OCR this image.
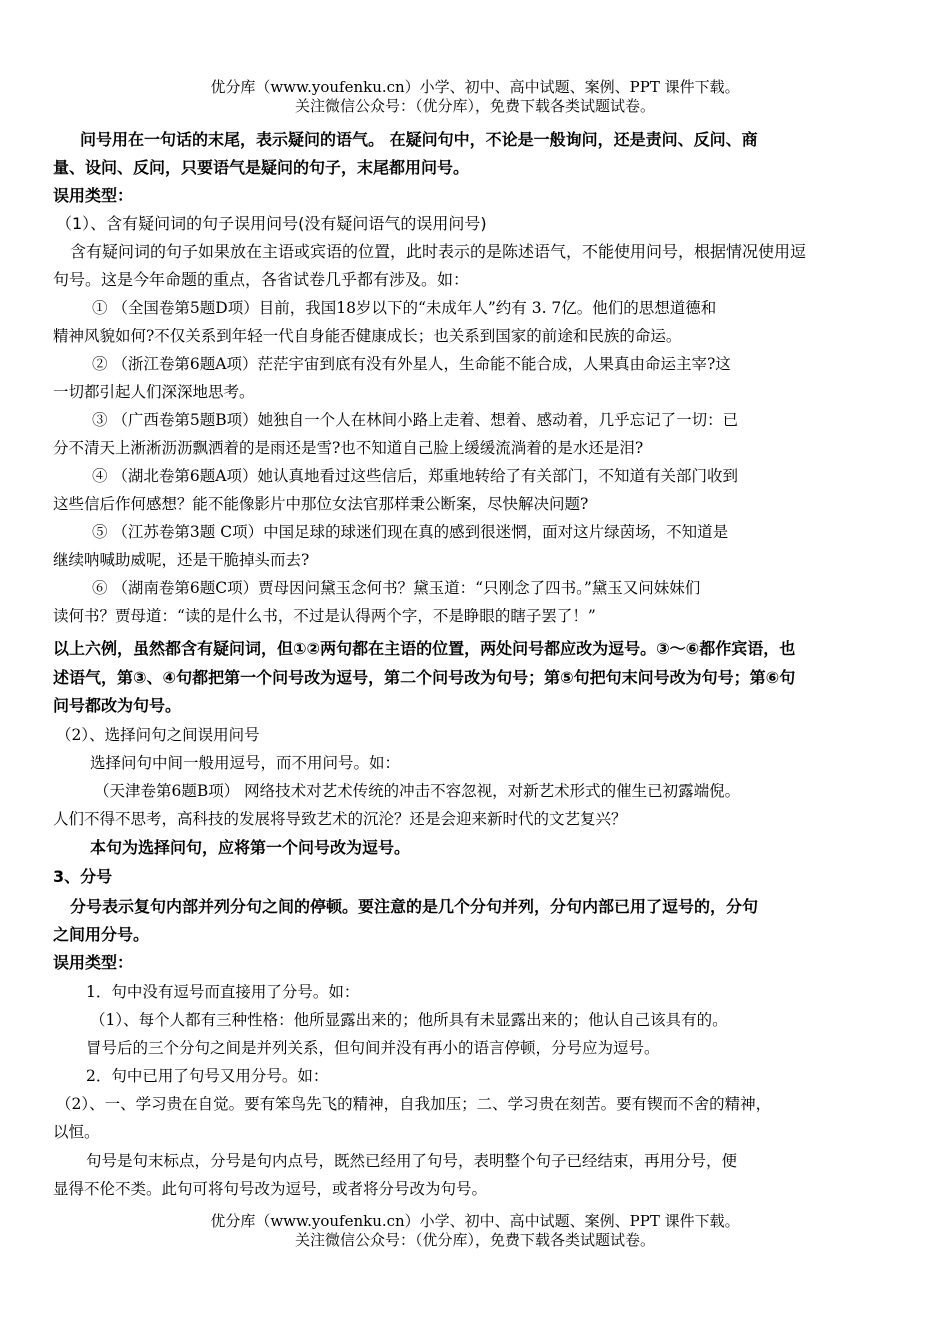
优分库（www.youfenku.cn）小学、初中、高中试题、案例、PPT 课件下载。
关注微信公众号：（优分库），免费下载各类试题试卷。
问号用在一句话的末尾，表示疑问的语气。 在疑问句中，不论是一般询问，还是责问、反问、商
量、设问、反问，只要语气是疑问的句子，末尾都用问号。
误用类型：
（1）、含有疑问词的句子误用问号(没有疑问语气的误用问号)
含有疑问词的句子如果放在主语或宾语的位置，此时表示的是陈述语气，不能使用问号，根据情况使用逗
句号。这是今年命题的重点，各省试卷几乎都有涉及。如：
① （全国卷第5题D项）目前，我国18岁以下的“未成年人”约有 3. 7亿。他们的思想道德和
精神风貌如何?不仅关系到年轻一代自身能否健康成长；也关系到国家的前途和民族的命运。
② （浙江卷第6题A项）茫茫宇宙到底有没有外星人，生命能不能合成，人果真由命运主宰?这
一切都引起人们深深地思考。
③ （广西卷第5题B项）她独自一个人在林间小路上走着、想着、感动着，几乎忘记了一切：已
分不清天上淅淅沥沥飘洒着的是雨还是雪?也不知道自己脸上缓缓流淌着的是水还是泪?
④ （湖北卷第6题A项）她认真地看过这些信后，郑重地转给了有关部门，不知道有关部门收到
这些信后作何感想？能不能像影片中那位女法官那样秉公断案，尽快解决问题?
⑤ （江苏卷第3题 C项）中国足球的球迷们现在真的感到很迷惘，面对这片绿茵场，不知道是
继续呐喊助威呢，还是干脆掉头而去?
⑥ （湖南卷第6题C项）贾母因问黛玉念何书？黛玉道：“只刚念了四书。”黛玉又问妹妹们
读何书？贾母道：“读的是什么书，不过是认得两个字，不是睁眼的瞎子罢了！”
以上六例，虽然都含有疑问词，但①②两句都在主语的位置，两处问号都应改为逗号。③～⑥都作宾语，也
述语气，第③、④句都把第一个问号改为逗号，第二个问号改为句号；第⑤句把句末问号改为句号；第⑥句
问号都改为句号。
（2）、选择问句之间误用问号
选择问句中间一般用逗号，而不用问号。如：
（天津卷第6题B项） 网络技术对艺术传统的冲击不容忽视，对新艺术形式的催生已初露端倪。
人们不得不思考，高科技的发展将导致艺术的沉沦？还是会迎来新时代的文艺复兴？
本句为选择问句，应将第一个问号改为逗号。
3、分号
分号表示复句内部并列分句之间的停顿。要注意的是几个分句并列，分句内部已用了逗号的，分句
之间用分号。
误用类型：
1．句中没有逗号而直接用了分号。如：
（1）、每个人都有三种性格：他所显露出来的；他所具有未显露出来的；他认自己该具有的。
冒号后的三个分句之间是并列关系，但句间并没有再小的语言停顿，分号应为逗号。
2．句中已用了句号又用分号。如：
（2）、一、学习贵在自觉。要有笨鸟先飞的精神，自我加压；二、学习贵在刻苦。要有锲而不舍的精神，
以恒。
句号是句末标点，分号是句内点号，既然已经用了句号，表明整个句子已经结束，再用分号，便
显得不伦不类。此句可将句号改为逗号，或者将分号改为句号。
优分库（www.youfenku.cn）小学、初中、高中试题、案例、PPT 课件下载。
关注微信公众号：（优分库），免费下载各类试题试卷。
